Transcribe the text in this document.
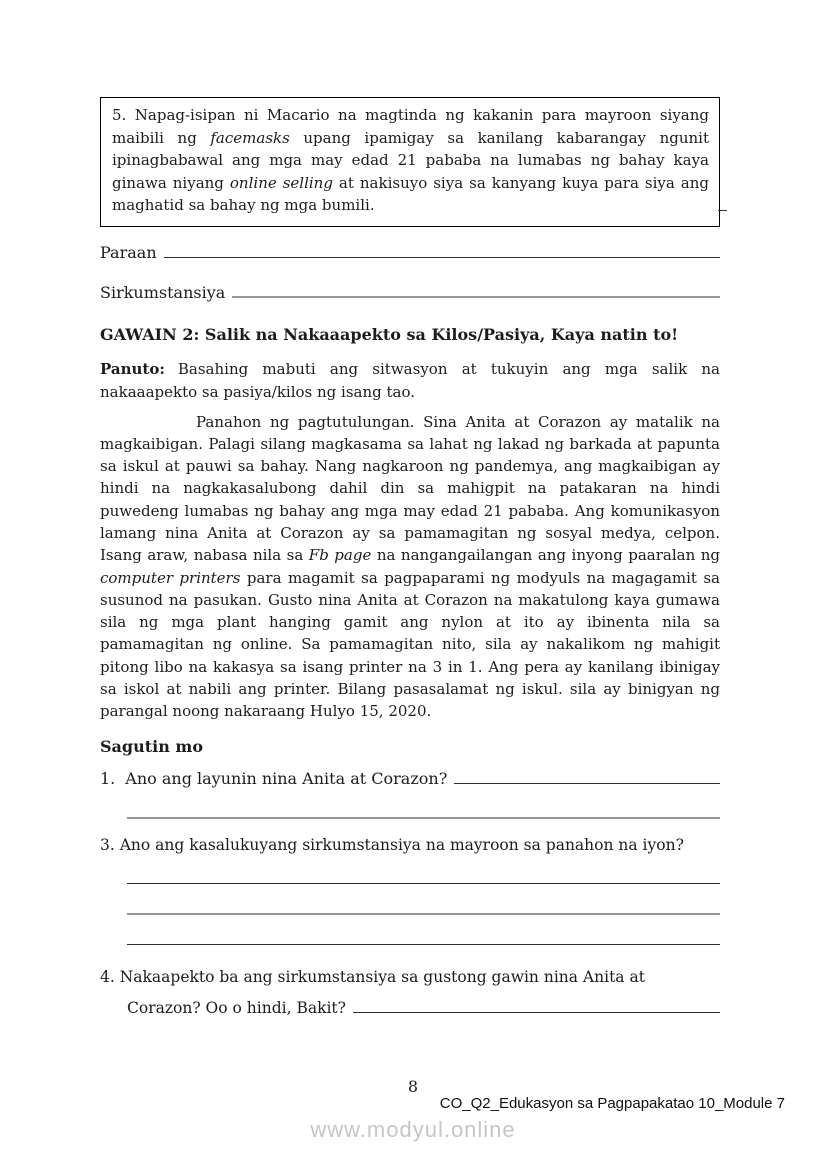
5. Napag-isipan ni Macario na magtinda ng kakanin para mayroon siyang maibili ng facemasks upang ipamigay sa kanilang kabarangay ngunit ipinagbabawal ang mga may edad 21 pababa na lumabas ng bahay kaya ginawa niyang online selling at nakisuyo siya sa kanyang kuya para siya ang maghatid sa bahay ng mga bumili.
Paraan
Sirkumstansiya
GAWAIN 2: Salik na Nakaaapekto sa Kilos/Pasiya, Kaya natin to!
Panuto: Basahing mabuti ang sitwasyon at tukuyin ang mga salik na nakaaapekto sa pasiya/kilos ng isang tao.
Panahon ng pagtutulungan. Sina Anita at Corazon ay matalik na magkaibigan. Palagi silang magkasama sa lahat ng lakad ng barkada at papunta sa iskul at pauwi sa bahay. Nang nagkaroon ng pandemya, ang magkaibigan ay hindi na nagkakasalubong dahil din sa mahigpit na patakaran na hindi puwedeng lumabas ng bahay ang mga may edad 21 pababa. Ang komunikasyon lamang nina Anita at Corazon ay sa pamamagitan ng sosyal medya, celpon. Isang araw, nabasa nila sa Fb page na nangangailangan ang inyong paaralan ng computer printers para magamit sa pagpaparami ng modyuls na magagamit sa susunod na pasukan. Gusto nina Anita at Corazon na makatulong kaya gumawa sila ng mga plant hanging gamit ang nylon at ito ay ibinenta nila sa pamamagitan ng online. Sa pamamagitan nito, sila ay nakalikom ng mahigit pitong libo na kakasya sa isang printer na 3 in 1. Ang pera ay kanilang ibinigay sa iskol at nabili ang printer. Bilang pasasalamat ng iskul. sila ay binigyan ng parangal noong nakaraang Hulyo 15, 2020.
Sagutin mo
1. Ano ang layunin nina Anita at Corazon?
3. Ano ang kasalukuyang sirkumstansiya na mayroon sa panahon na iyon?
4. Nakaapekto ba ang sirkumstansiya sa gustong gawin nina Anita at
Corazon? Oo o hindi, Bakit?
8
CO_Q2_Edukasyon sa Pagpapakatao 10_Module 7
www.modyul.online
